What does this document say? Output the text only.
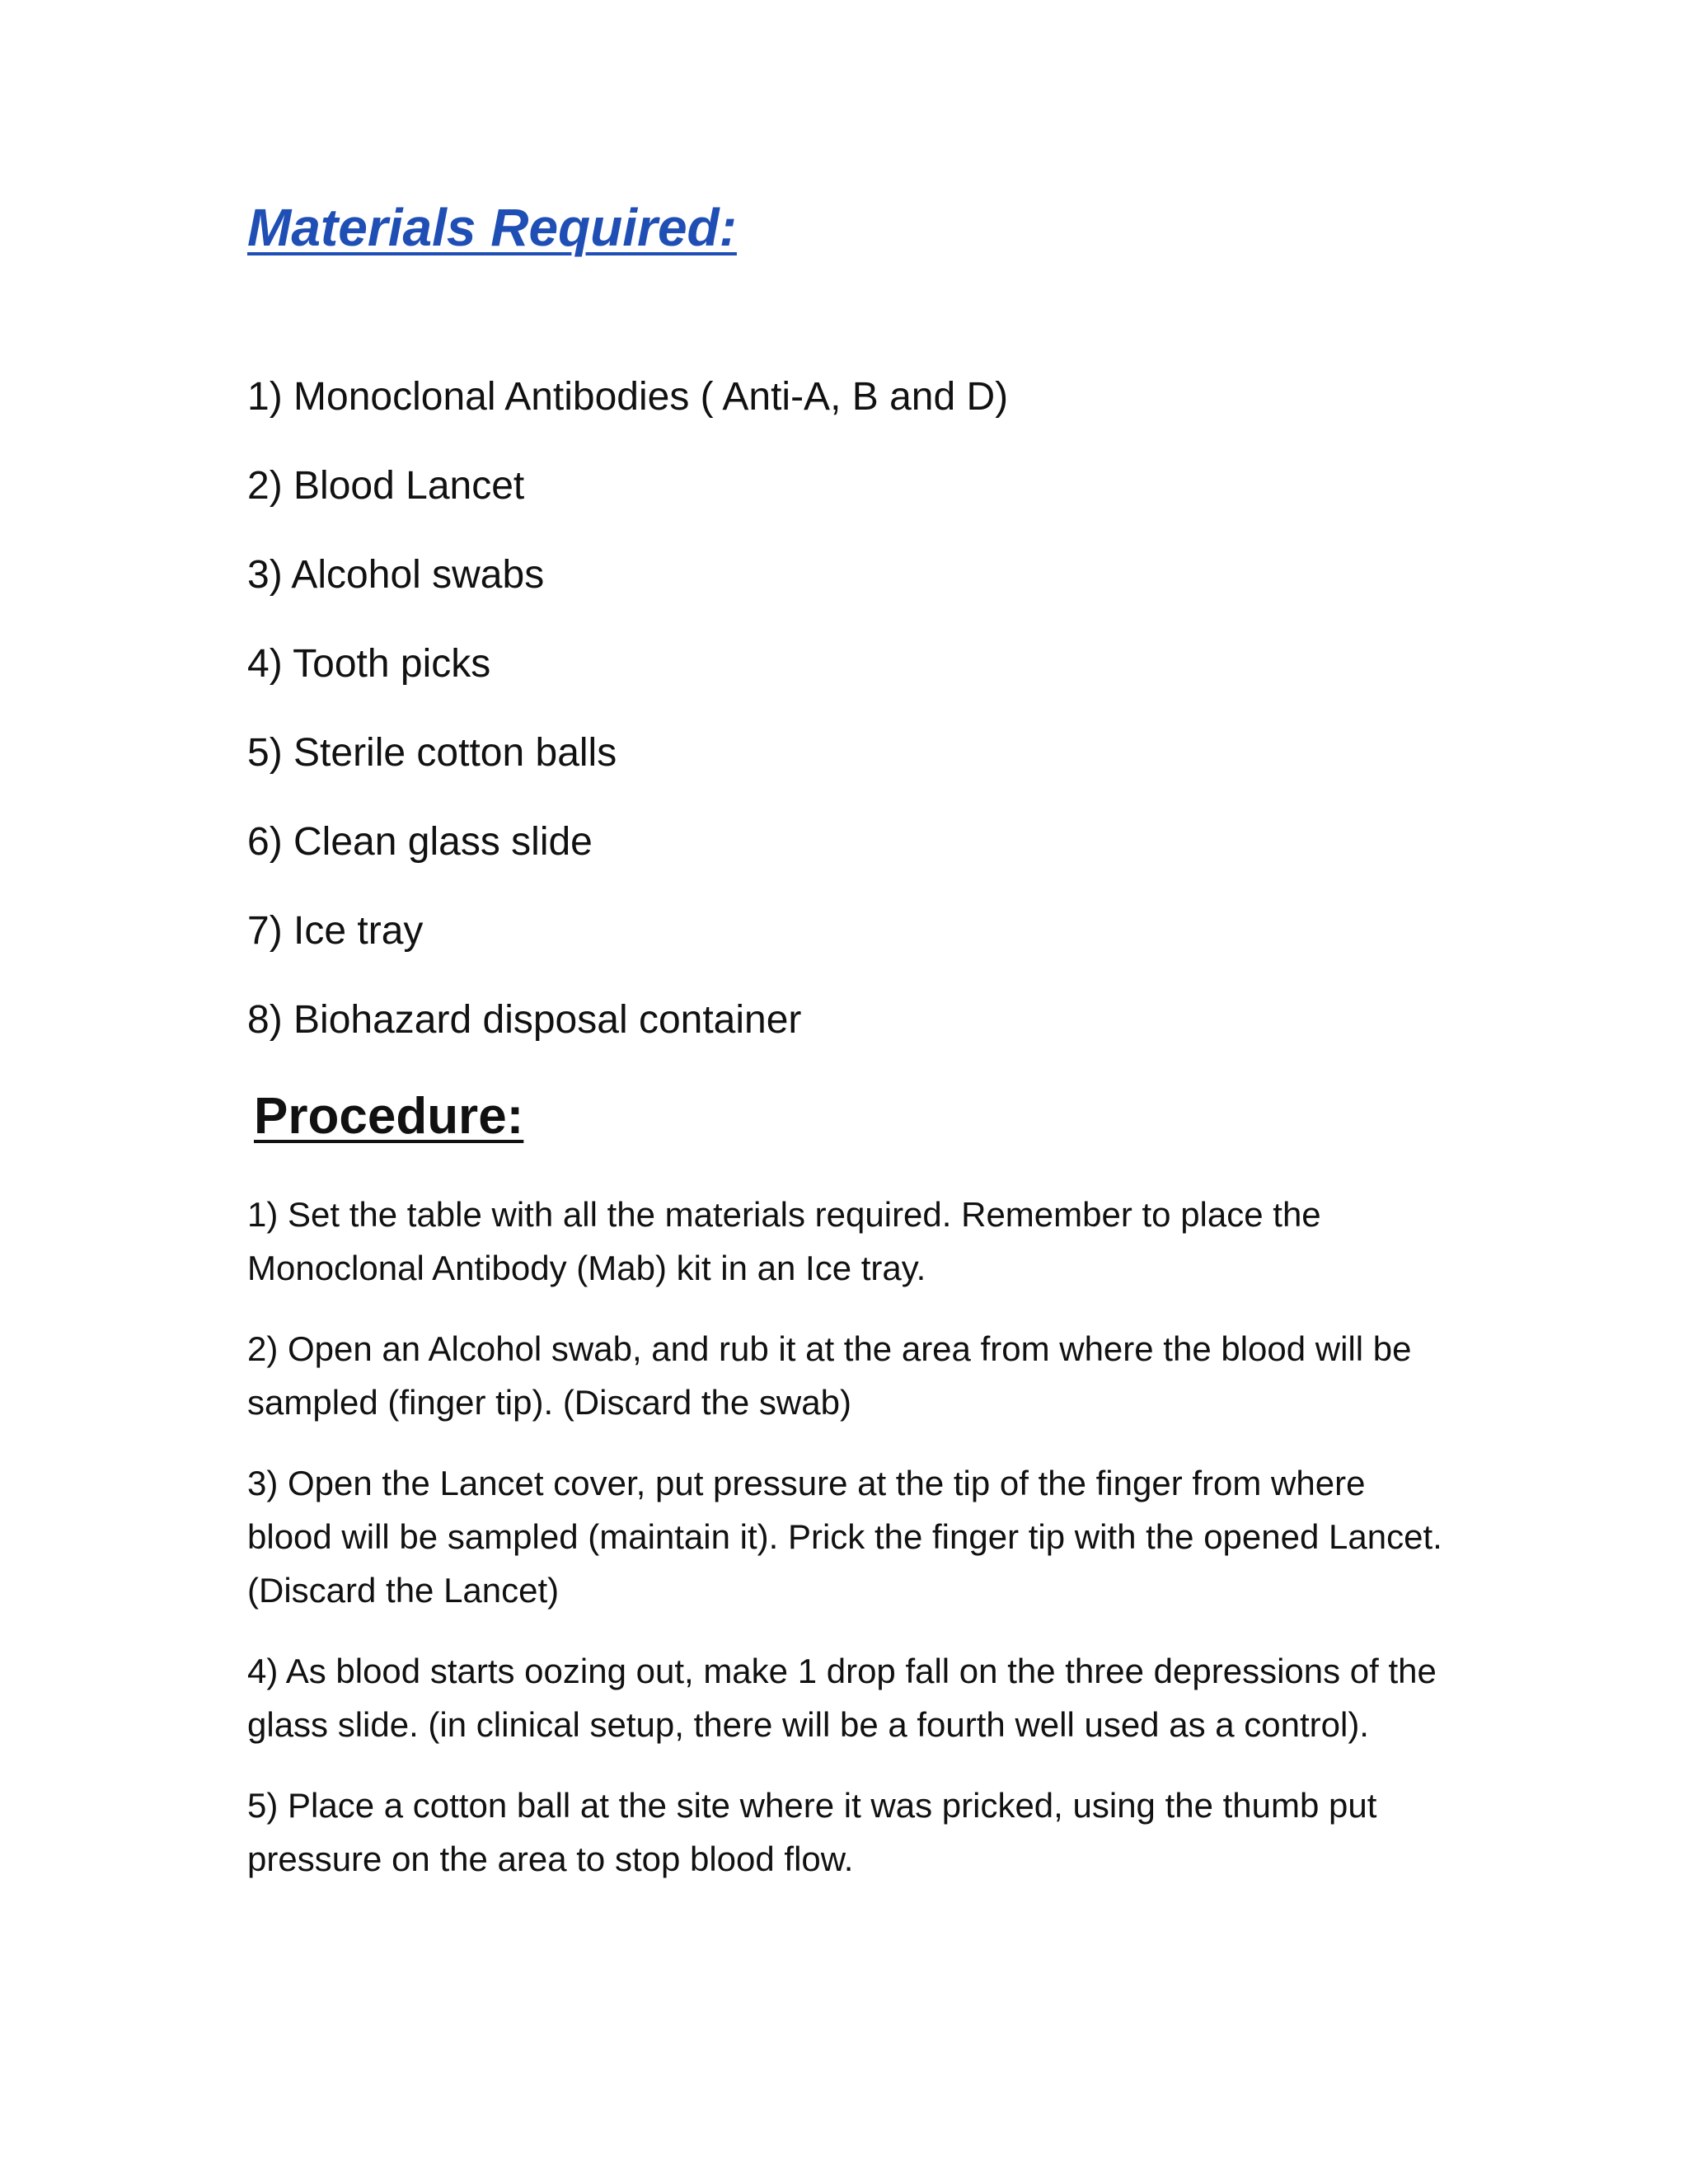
Materials Required:
1) Monoclonal Antibodies ( Anti-A, B and D)
2) Blood Lancet
3) Alcohol swabs
4) Tooth picks
5) Sterile cotton balls
6) Clean glass slide
7) Ice tray
8) Biohazard disposal container
Procedure:

1) Set the table with all the materials required. Remember to place the Monoclonal Antibody (Mab) kit in an Ice tray.

2) Open an Alcohol swab, and rub it at the area from where the blood will be sampled (finger tip). (Discard the swab)

3) Open the Lancet cover, put pressure at the tip of the finger from where blood will be sampled (maintain it). Prick the finger tip with the opened Lancet.(Discard the Lancet)

4) As blood starts oozing out, make 1 drop fall on the three depressions of the glass slide. (in clinical setup, there will be a fourth well used as a control).

5) Place a cotton ball at the site where it was pricked, using the thumb put pressure on the area to stop blood flow.
